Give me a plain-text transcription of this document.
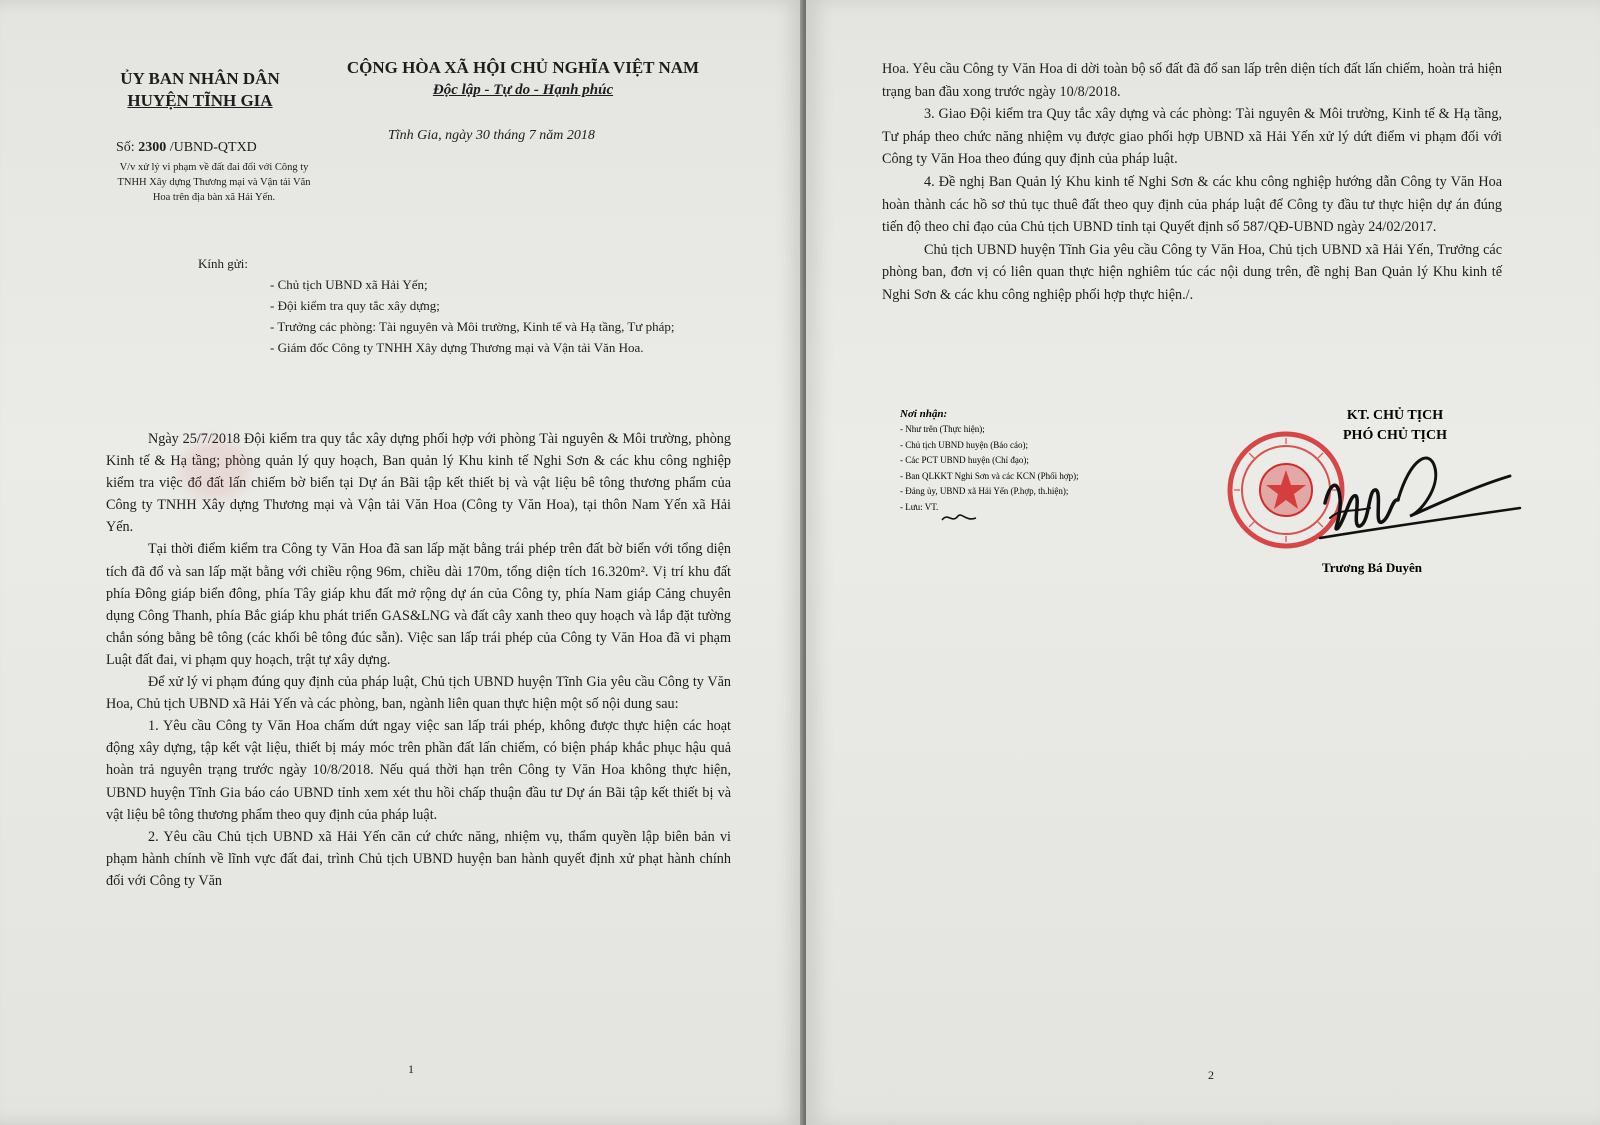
ỦY BAN NHÂN DÂN
HUYỆN TĨNH GIA
CỘNG HÒA XÃ HỘI CHỦ NGHĨA VIỆT NAM
Độc lập - Tự do - Hạnh phúc
Số: 2300 /UBND-QTXD
Tĩnh Gia, ngày 30 tháng 7 năm 2018
V/v xử lý vi phạm về đất đai đối với Công ty TNHH Xây dựng Thương mại và Vận tải Văn Hoa trên địa bàn xã Hải Yến.
Kính gửi:
- Chủ tịch UBND xã Hải Yến;
- Đội kiểm tra quy tắc xây dựng;
- Trưởng các phòng: Tài nguyên và Môi trường, Kinh tế và Hạ tầng, Tư pháp;
- Giám đốc Công ty TNHH Xây dựng Thương mại và Vận tải Văn Hoa.

Ngày 25/7/2018 Đội kiểm tra quy tắc xây dựng phối hợp với phòng Tài nguyên & Môi trường, phòng Kinh tế & Hạ tầng; phòng quản lý quy hoạch, Ban quản lý Khu kinh tế Nghi Sơn & các khu công nghiệp kiểm tra việc đổ đất lấn chiếm bờ biển tại Dự án Bãi tập kết thiết bị và vật liệu bê tông thương phẩm của Công ty TNHH Xây dựng Thương mại và Vận tải Văn Hoa (Công ty Văn Hoa), tại thôn Nam Yến xã Hải Yến.

Tại thời điểm kiểm tra Công ty Văn Hoa đã san lấp mặt bằng trái phép trên đất bờ biển với tổng diện tích đã đổ và san lấp mặt bằng với chiều rộng 96m, chiều dài 170m, tổng diện tích 16.320m². Vị trí khu đất phía Đông giáp biển đông, phía Tây giáp khu đất mở rộng dự án của Công ty, phía Nam giáp Cảng chuyên dụng Công Thanh, phía Bắc giáp khu phát triển GAS&LNG và đất cây xanh theo quy hoạch và lắp đặt tường chắn sóng bằng bê tông (các khối bê tông đúc sẵn). Việc san lấp trái phép của Công ty Văn Hoa đã vi phạm Luật đất đai, vi phạm quy hoạch, trật tự xây dựng.

Để xử lý vi phạm đúng quy định của pháp luật, Chủ tịch UBND huyện Tĩnh Gia yêu cầu Công ty Văn Hoa, Chủ tịch UBND xã Hải Yến và các phòng, ban, ngành liên quan thực hiện một số nội dung sau:

1. Yêu cầu Công ty Văn Hoa chấm dứt ngay việc san lấp trái phép, không được thực hiện các hoạt động xây dựng, tập kết vật liệu, thiết bị máy móc trên phần đất lấn chiếm, có biện pháp khắc phục hậu quả hoàn trả nguyên trạng trước ngày 10/8/2018. Nếu quá thời hạn trên Công ty Văn Hoa không thực hiện, UBND huyện Tĩnh Gia báo cáo UBND tỉnh xem xét thu hồi chấp thuận đầu tư Dự án Bãi tập kết thiết bị và vật liệu bê tông thương phẩm theo quy định của pháp luật.

2. Yêu cầu Chủ tịch UBND xã Hải Yến căn cứ chức năng, nhiệm vụ, thẩm quyền lập biên bản vi phạm hành chính về lĩnh vực đất đai, trình Chủ tịch UBND huyện ban hành quyết định xử phạt hành chính đối với Công ty Văn

1

Hoa. Yêu cầu Công ty Văn Hoa di dời toàn bộ số đất đã đổ san lấp trên diện tích đất lấn chiếm, hoàn trả hiện trạng ban đầu xong trước ngày 10/8/2018.

3. Giao Đội kiểm tra Quy tắc xây dựng và các phòng: Tài nguyên & Môi trường, Kinh tế & Hạ tầng, Tư pháp theo chức năng nhiệm vụ được giao phối hợp UBND xã Hải Yến xử lý dứt điểm vi phạm đối với Công ty Văn Hoa theo đúng quy định của pháp luật.

4. Đề nghị Ban Quản lý Khu kinh tế Nghi Sơn & các khu công nghiệp hướng dẫn Công ty Văn Hoa hoàn thành các hồ sơ thủ tục thuê đất theo quy định của pháp luật để Công ty đầu tư thực hiện dự án đúng tiến độ theo chỉ đạo của Chủ tịch UBND tỉnh tại Quyết định số 587/QĐ-UBND ngày 24/02/2017.

Chủ tịch UBND huyện Tĩnh Gia yêu cầu Công ty Văn Hoa, Chủ tịch UBND xã Hải Yến, Trưởng các phòng ban, đơn vị có liên quan thực hiện nghiêm túc các nội dung trên, đề nghị Ban Quản lý Khu kinh tế Nghi Sơn & các khu công nghiệp phối hợp thực hiện./.

2
Nơi nhận:
- Như trên (Thực hiện);
- Chủ tịch UBND huyện (Báo cáo);
- Các PCT UBND huyện (Chỉ đạo);
- Ban QLKKT Nghi Sơn và các KCN (Phối hợp);
- Đảng ủy, UBND xã Hải Yến (P.hợp, th.hiện);
- Lưu: VT.
KT. CHỦ TỊCH
PHÓ CHỦ TỊCH
Trương Bá Duyên
